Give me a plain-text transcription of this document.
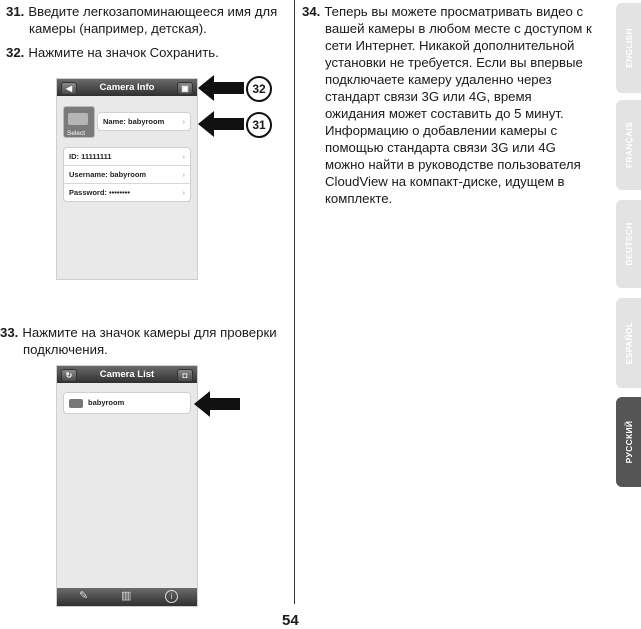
31. Введите легкозапоминающееся имя для
камеры (например, детская).
32. Нажмите на значок Сохранить.
◀	Camera Info	▣
Select
Name: babyroom ›
ID: 11111111	›
Username: babyroom	›
Password: ••••••••	›
32
31
33. Нажмите на значок камеры для проверки
подключения.
↻	Camera List	◘
babyroom
✎	▥	i
34. Теперь вы можете просматривать видео с
вашей камеры в любом месте с доступом к
сети Интернет. Никакой дополнительной
установки не требуется. Если вы впервые
подключаете камеру удаленно через
стандарт связи 3G или 4G, время
ожидания может составить до 5 минут.
Информацию о добавлении камеры с
помощью стандарта связи 3G или 4G
можно найти в руководстве пользователя
CloudView на компакт-диске, идущем в
комплекте.
ENGLISH
FRANÇAIS
DEUTSCH
ESPAÑOL
РУССКИЙ
54
